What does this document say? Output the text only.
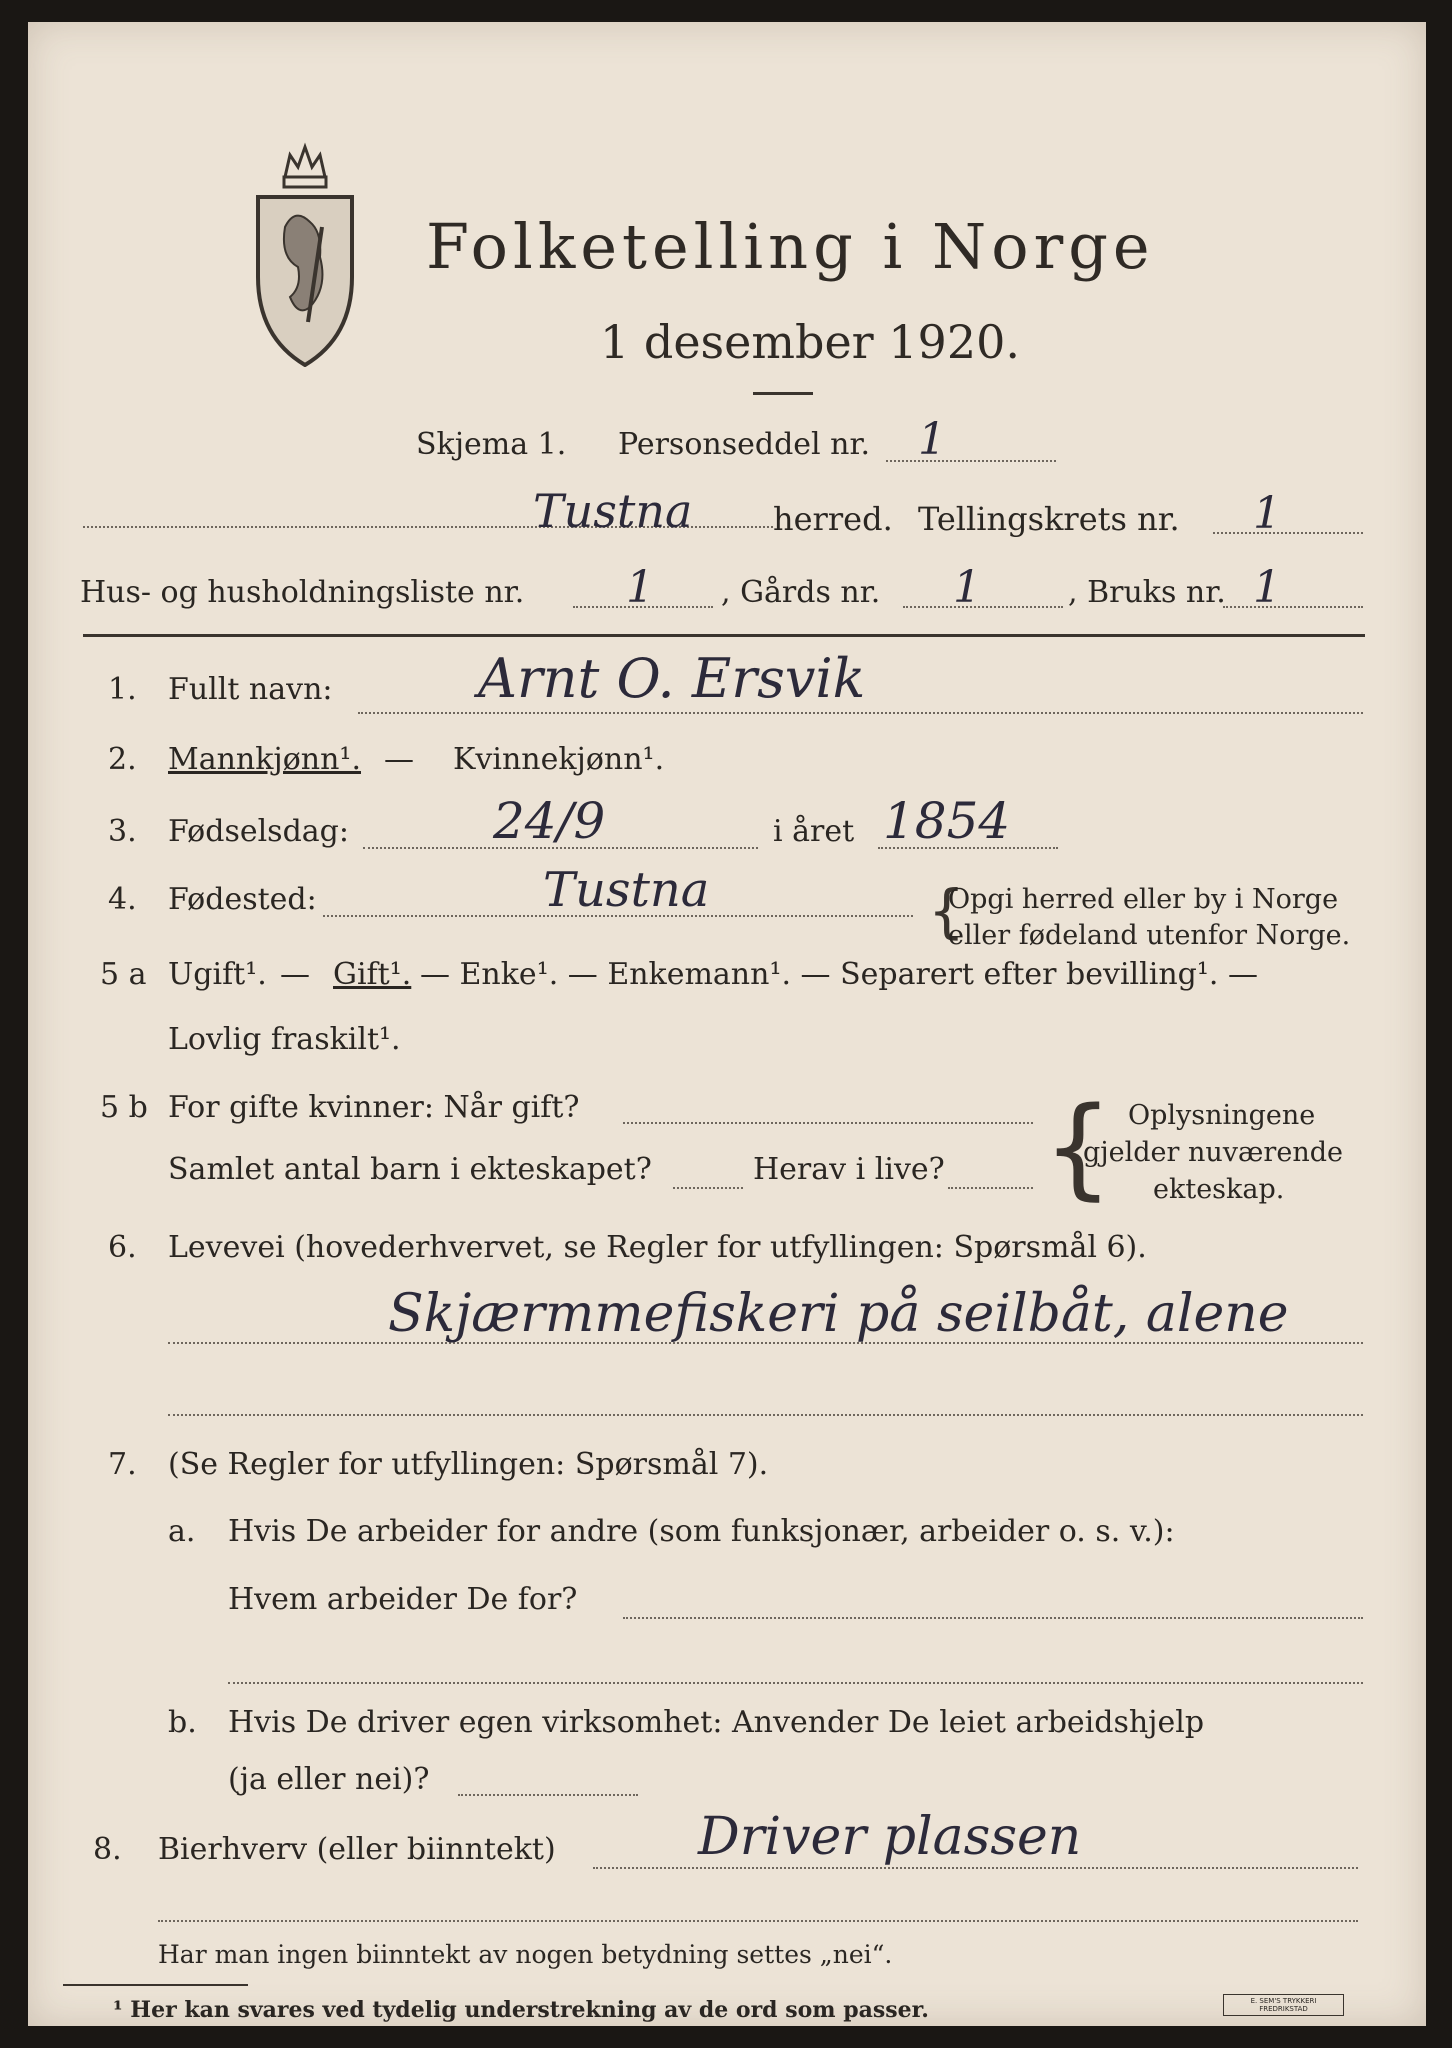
Folketelling i Norge
1 desember 1920.
Skjema 1. Personseddel nr. 1
Tustna	herred. Tellingskrets nr. 1
Hus- og husholdningsliste nr. 1 , Gårds nr. 1	, Bruks nr. 1
1. Fullt navn:	Arnt O. Ersvik
2. Mannkjønn¹. — Kvinnekjønn¹.
3. Fødselsdag:	24/9	i året 1854
4. Fødested:	Tustna	{
Opgi herred eller by i Norge
eller fødeland utenfor Norge.
5 a Ugift¹. — Gift¹. — Enke¹. — Enkemann¹. — Separert efter bevilling¹. —
Lovlig fraskilt¹.
5 b For gifte kvinner: Når gift?
Samlet antal barn i ekteskapet?	Herav i live? { Oplysningene
gjelder nuværende
ekteskap.
6. Levevei (hovederhvervet, se Regler for utfyllingen: Spørsmål 6).
Skjærmmefiskeri på seilbåt, alene
7. (Se Regler for utfyllingen: Spørsmål 7).
a. Hvis De arbeider for andre (som funksjonær, arbeider o. s. v.):
Hvem arbeider De for?
b. Hvis De driver egen virksomhet: Anvender De leiet arbeidshjelp
(ja eller nei)?
8. Bierhverv (eller biinntekt)	Driver plassen
Har man ingen biinntekt av nogen betydning settes „nei“.
¹ Her kan svares ved tydelig understrekning av de ord som passer.	E. SEM'S TRYKKERI FREDRIKSTAD
